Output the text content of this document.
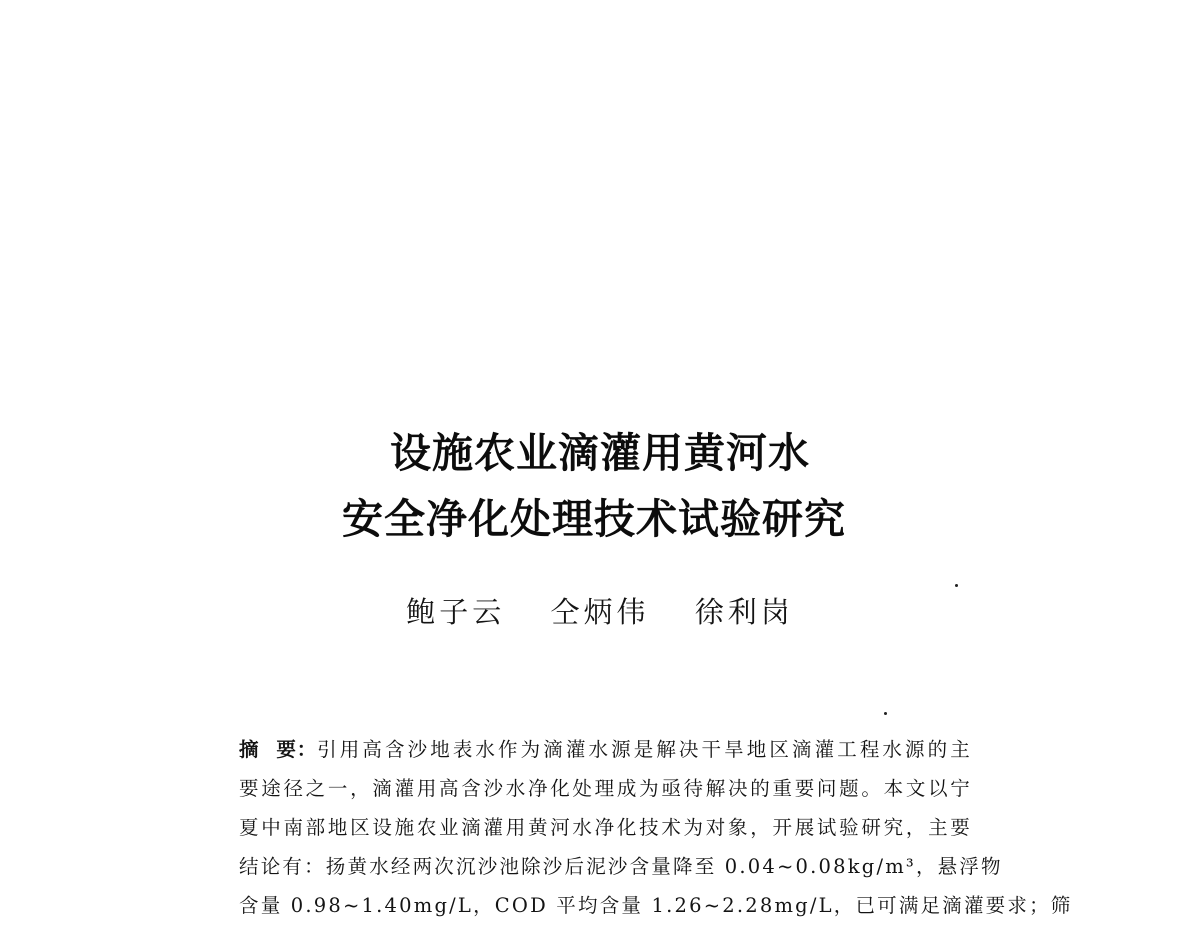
设施农业滴灌用黄河水
安全净化处理技术试验研究
鲍子云 仝炳伟 徐利岗
摘 要：引用高含沙地表水作为滴灌水源是解决干旱地区滴灌工程水源的主
要途径之一，滴灌用高含沙水净化处理成为亟待解决的重要问题。本文以宁
夏中南部地区设施农业滴灌用黄河水净化技术为对象，开展试验研究，主要
结论有：扬黄水经两次沉沙池除沙后泥沙含量降至 0.04~0.08kg/m³，悬浮物
含量 0.98~1.40mg/L，COD 平均含量 1.26~2.28mg/L，已可满足滴灌要求；筛
